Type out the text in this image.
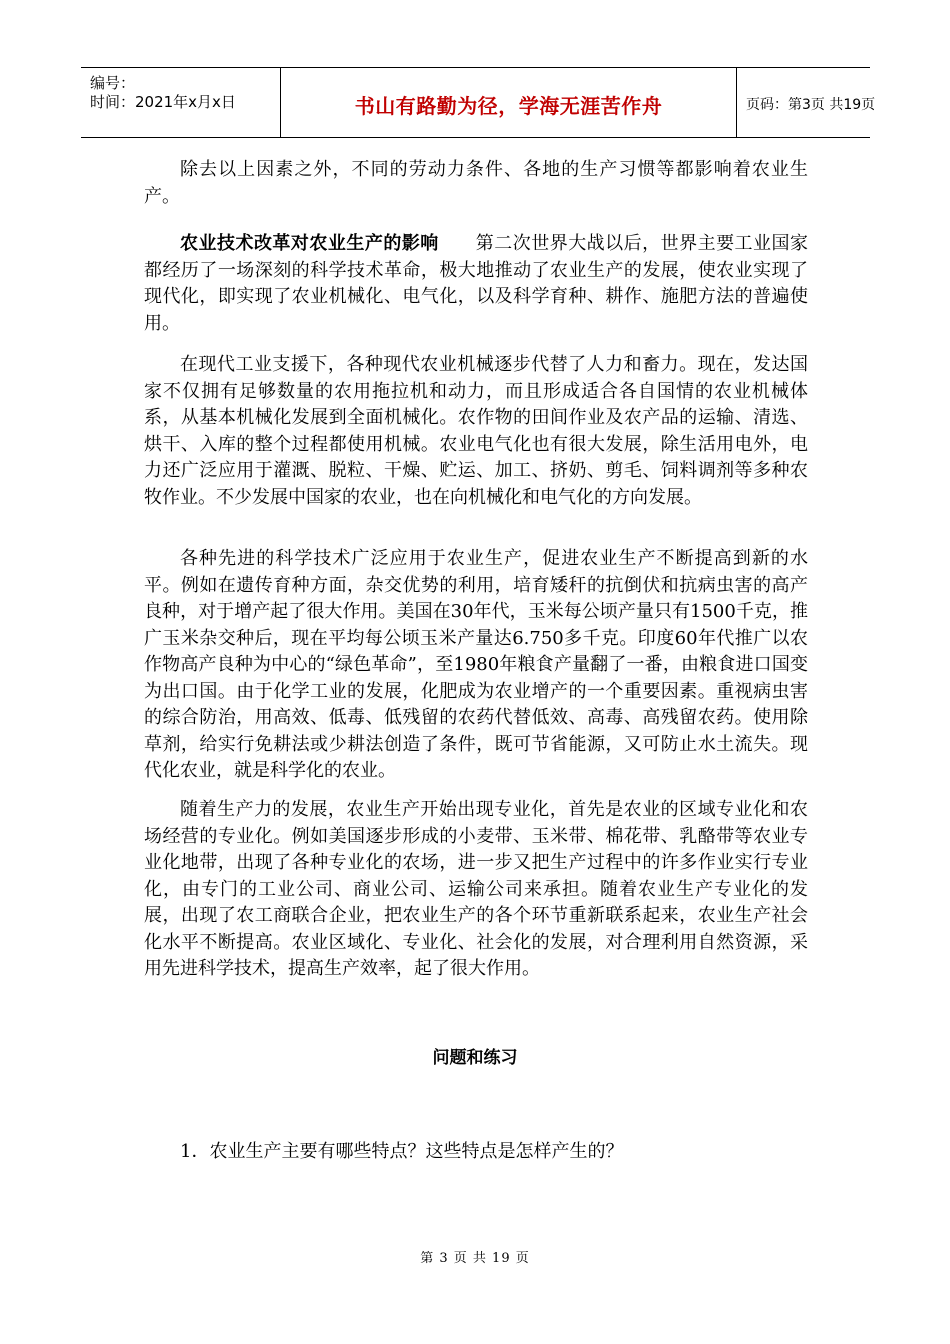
编号：
时间：2021年x月x日	书山有路勤为径，学海无涯苦作舟	页码：第3页 共19页

除去以上因素之外，不同的劳动力条件、各地的生产习惯等都影响着农业生产。

农业技术改革对农业生产的影响　　第二次世界大战以后，世界主要工业国家都经历了一场深刻的科学技术革命，极大地推动了农业生产的发展，使农业实现了现代化，即实现了农业机械化、电气化，以及科学育种、耕作、施肥方法的普遍使用。

在现代工业支援下，各种现代农业机械逐步代替了人力和畜力。现在，发达国家不仅拥有足够数量的农用拖拉机和动力，而且形成适合各自国情的农业机械体系，从基本机械化发展到全面机械化。农作物的田间作业及农产品的运输、清选、烘干、入库的整个过程都使用机械。农业电气化也有很大发展，除生活用电外，电力还广泛应用于灌溉、脱粒、干燥、贮运、加工、挤奶、剪毛、饲料调剂等多种农牧作业。不少发展中国家的农业，也在向机械化和电气化的方向发展。

各种先进的科学技术广泛应用于农业生产，促进农业生产不断提高到新的水平。例如在遗传育种方面，杂交优势的利用，培育矮秆的抗倒伏和抗病虫害的高产良种，对于增产起了很大作用。美国在30年代，玉米每公顷产量只有1500千克，推广玉米杂交种后，现在平均每公顷玉米产量达6.750多千克。印度60年代推广以农作物高产良种为中心的“绿色革命”，至1980年粮食产量翻了一番，由粮食进口国变为出口国。由于化学工业的发展，化肥成为农业增产的一个重要因素。重视病虫害的综合防治，用高效、低毒、低残留的农药代替低效、高毒、高残留农药。使用除草剂，给实行免耕法或少耕法创造了条件，既可节省能源，又可防止水土流失。现代化农业，就是科学化的农业。

随着生产力的发展，农业生产开始出现专业化，首先是农业的区域专业化和农场经营的专业化。例如美国逐步形成的小麦带、玉米带、棉花带、乳酪带等农业专业化地带，出现了各种专业化的农场，进一步又把生产过程中的许多作业实行专业化，由专门的工业公司、商业公司、运输公司来承担。随着农业生产专业化的发展，出现了农工商联合企业，把农业生产的各个环节重新联系起来，农业生产社会化水平不断提高。农业区域化、专业化、社会化的发展，对合理利用自然资源，采用先进科学技术，提高生产效率，起了很大作用。

问题和练习
1．农业生产主要有哪些特点？这些特点是怎样产生的？
第 3 页 共 19 页
